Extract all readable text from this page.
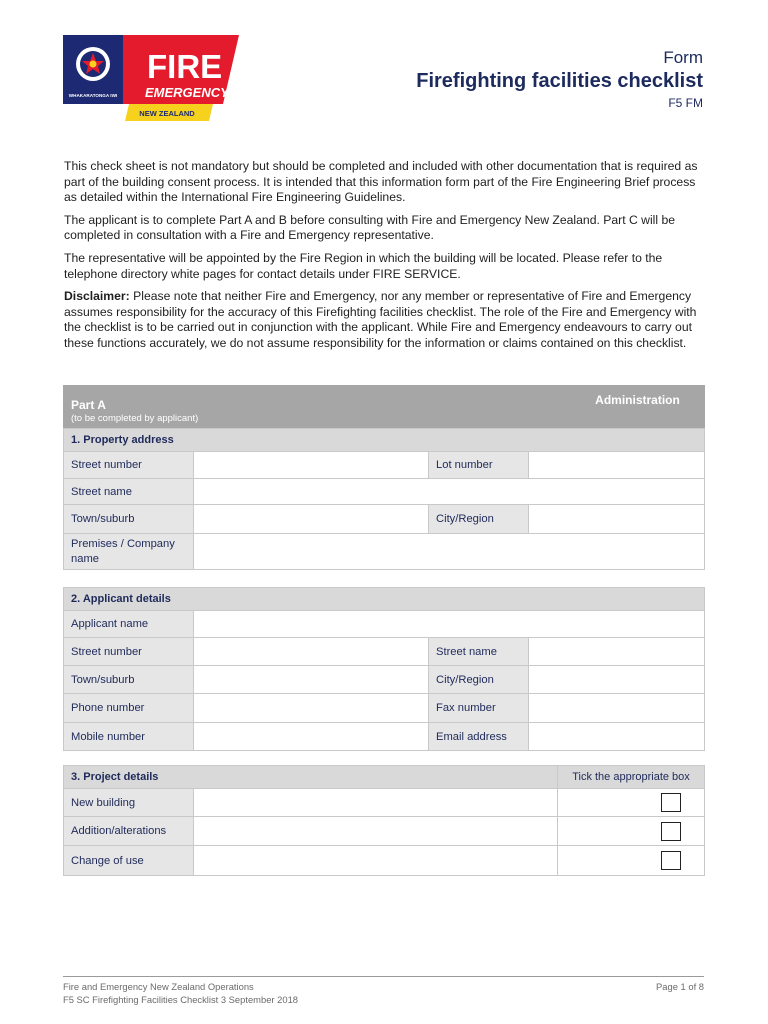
WHAKARATONGA IWI
FIRE
EMERGENCY
NEW ZEALAND
Form
Firefighting facilities checklist
F5 FM

This check sheet is not mandatory but should be completed and included with other documentation that is required as part of the building consent process. It is intended that this information form part of the Fire Engineering Brief process as detailed within the International Fire Engineering Guidelines.

The applicant is to complete Part A and B before consulting with Fire and Emergency New Zealand. Part C will be completed in consultation with a Fire and Emergency representative.

The representative will be appointed by the Fire Region in which the building will be located. Please refer to the telephone directory white pages for contact details under FIRE SERVICE.

Disclaimer: Please note that neither Fire and Emergency, nor any member or representative of Fire and Emergency assumes responsibility for the accuracy of this Firefighting facilities checklist. The role of the Fire and Emergency with the checklist is to be carried out in conjunction with the applicant. While Fire and Emergency endeavours to carry out these functions accurately, we do not assume responsibility for the information or claims contained on this checklist.

Part A
(to be completed by applicant)
	Administration
1. Property address			
Street number		Lot number	
Street name			
Town/suburb		City/Region	
Premises / Company name			
2. Applicant details			
Applicant name			
Street number		Street name	
Town/suburb		City/Region	
Phone number		Fax number	
Mobile number		Email address	
3. Project details		Tick the appropriate box
New building		

Addition/alterations		

Change of use		
Fire and Emergency New Zealand Operations
F5 SC Firefighting Facilities Checklist 3 September 2018
Page 1 of 8
